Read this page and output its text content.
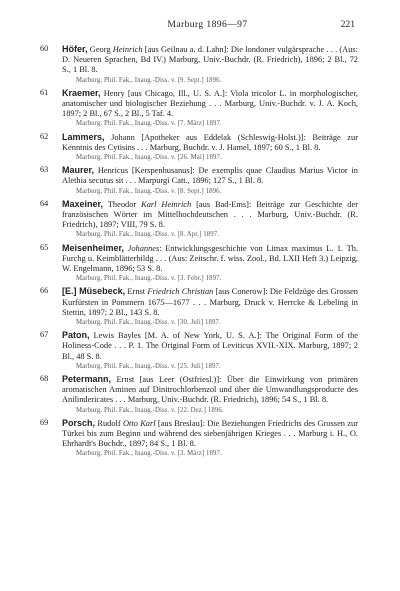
Marburg 1896—97	221
60	Höfer, Georg Heinrich [aus Geilnau a. d. Lahn]: Die londoner vulgärsprache . . . (Aus: D. Neueren Sprachen, Bd IV.) Marburg, Univ.-Buchdr. (R. Friedrich), 1896; 2 Bl., 72 S., 1 Bl. 8.
Marburg, Phil. Fak., Inaug.-Diss. v. [9. Sept.] 1896.
61	Kraemer, Henry [aus Chicago, Ill., U. S. A.]: Viola tricolor L. in morphologischer, anatomischer und biologischer Beziehung . . . Marburg, Univ.-Buchdr. v. J. A. Koch, 1897; 2 Bl., 67 S., 2 Bl., 5 Taf. 4.
Marburg, Phil. Fak., Inaug.-Diss. v. [7. März] 1897.
62	Lammers, Johann [Apotheker aus Eddelak (Schleswig-Holst.)]: Beiträge zur Kenntnis des Cytisins . . . Marburg, Buchdr. v. J. Hamel, 1897; 60 S., 1 Bl. 8.
Marburg, Phil. Fak., Inaug.-Diss. v. [26. Mai] 1897.
63	Maurer, Henricus [Kerspenhusanus]: De exemplis quae Claudius Marius Victor in Alethia secutus sit . . . Marpurgi Catt., 1896; 127 S., 1 Bl. 8.
Marburg, Phil. Fak., Inaug.-Diss. v. [8. Sept.] 1896.
64	Maxeiner, Theodor Karl Heinrich [aus Bad-Ems]: Beiträge zur Geschichte der französischen Wörter im Mittelhochdeutschen . . . Marburg, Univ.-Buchdr. (R. Friedrich), 1897; VIII, 79 S. 8.
Marburg, Phil. Fak., Inaug.-Diss. v. [8. Apr.] 1897.
65	Meisenheimer, Johannes: Entwicklungsgeschichte von Limax maximus L. 1. Th. Furchg u. Keimblätterbildg . . . (Aus: Zeitschr. f. wiss. Zool., Bd. LXII Heft 3.) Leipzig, W. Engelmann, 1896; 53 S. 8.
Marburg, Phil. Fak., Inaug.-Diss. v. [3. Febr.] 1897.
66	[E.] Müsebeck, Ernst Friedrich Christian [aus Conerow]: Die Feldzüge des Grossen Kurfürsten in Pommern 1675—1677 . . . Marburg, Druck v. Herrcke & Lebeling in Stettin, 1897; 2 Bl., 143 S. 8.
Marburg, Phil. Fak., Inaug.-Diss. v. [30. Juli] 1897.
67	Paton, Lewis Bayles [M. A. of New York, U. S. A.]: The Original Form of the Holiness-Code . . . P. 1. The Original Form of Leviticus XVII.-XIX. Marburg, 1897; 2 Bl., 48 S. 8.
Marburg, Phil. Fak., Inaug.-Diss. v. [25. Juli] 1897.
68	Petermann, Ernst [aus Leer (Ostfriesl.)]: Über die Einwirkung von primären aromatischen Aminen auf Dinitrochlorbenzol und über die Umwandlungsproducte des Anilindericates . . . Marburg, Univ.-Buchdr. (R. Friedrich), 1896; 54 S., 1 Bl. 8.
Marburg, Phil. Fak., Inaug.-Diss. v. [22. Dez.] 1896.
69	Porsch, Rudolf Otto Karl [aus Breslau]: Die Beziehungen Friedrichs des Grossen zur Türkei bis zum Beginn und während des siebenjährigen Krieges . . . Marburg i. H., O. Ehrhardt's Buchdr., 1897; 84 S., 1 Bl. 8.
Marburg, Phil. Fak., Inaug.-Diss. v. [3. März] 1897.
